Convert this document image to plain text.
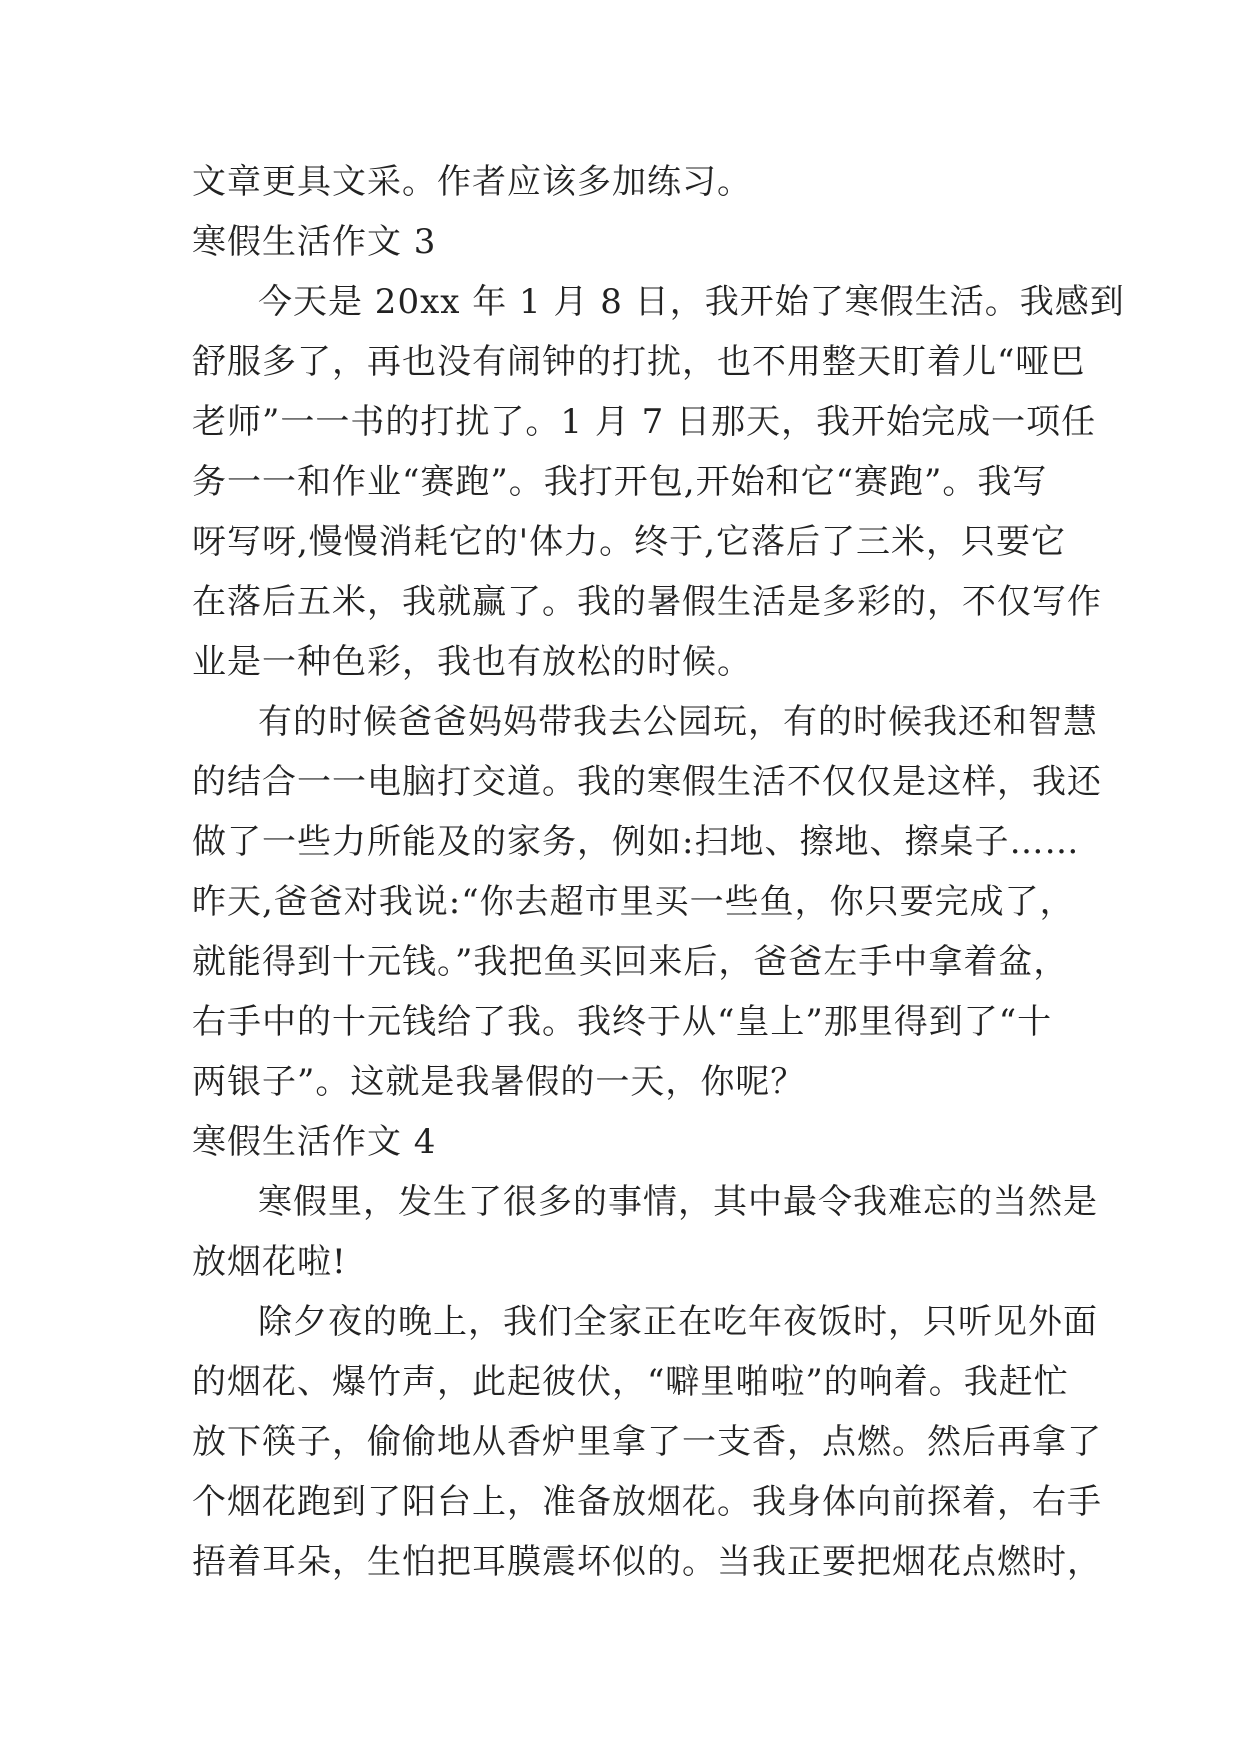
文章更具文采。作者应该多加练习。
寒假生活作文 3
今天是 20xx 年 1 月 8 日，我开始了寒假生活。我感到
舒服多了，再也没有闹钟的打扰，也不用整天盯着儿“哑巴
老师”一一书的打扰了。1 月 7 日那天，我开始完成一项任
务一一和作业“赛跑”。我打开包,开始和它“赛跑”。我写
呀写呀,慢慢消耗它的'体力。终于,它落后了三米，只要它
在落后五米，我就赢了。我的暑假生活是多彩的，不仅写作
业是一种色彩，我也有放松的时候。
有的时候爸爸妈妈带我去公园玩，有的时候我还和智慧
的结合一一电脑打交道。我的寒假生活不仅仅是这样，我还
做了一些力所能及的家务，例如:扫地、擦地、擦桌子……
昨天,爸爸对我说:“你去超市里买一些鱼，你只要完成了，
就能得到十元钱。”我把鱼买回来后，爸爸左手中拿着盆，
右手中的十元钱给了我。我终于从“皇上”那里得到了“十
两银子”。这就是我暑假的一天，你呢？
寒假生活作文 4
寒假里，发生了很多的事情，其中最令我难忘的当然是
放烟花啦!
除夕夜的晚上，我们全家正在吃年夜饭时，只听见外面
的烟花、爆竹声，此起彼伏，“噼里啪啦”的响着。我赶忙
放下筷子，偷偷地从香炉里拿了一支香，点燃。然后再拿了
个烟花跑到了阳台上，准备放烟花。我身体向前探着，右手
捂着耳朵，生怕把耳膜震坏似的。当我正要把烟花点燃时，
